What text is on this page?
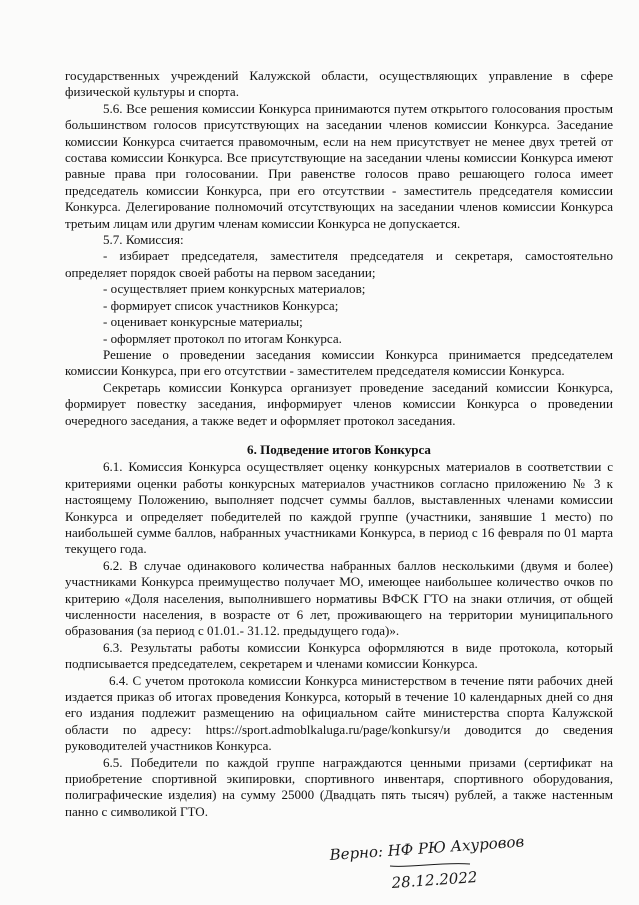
государственных учреждений Калужской области, осуществляющих управление в сфере физической культуры и спорта.

5.6. Все решения комиссии Конкурса принимаются путем открытого голосования простым большинством голосов присутствующих на заседании членов комиссии Конкурса. Заседание комиссии Конкурса считается правомочным, если на нем присутствует не менее двух третей от состава комиссии Конкурса. Все присутствующие на заседании члены комиссии Конкурса имеют равные права при голосовании. При равенстве голосов право решающего голоса имеет председатель комиссии Конкурса, при его отсутствии - заместитель председателя комиссии Конкурса. Делегирование полномочий отсутствующих на заседании членов комиссии Конкурса третьим лицам или другим членам комиссии Конкурса не допускается.

5.7. Комиссия:

- избирает председателя, заместителя председателя и секретаря, самостоятельно определяет порядок своей работы на первом заседании;

- осуществляет прием конкурсных материалов;

- формирует список участников Конкурса;

- оценивает конкурсные материалы;

- оформляет протокол по итогам Конкурса.

Решение о проведении заседания комиссии Конкурса принимается председателем комиссии Конкурса, при его отсутствии - заместителем председателя комиссии Конкурса.

Секретарь комиссии Конкурса организует проведение заседаний комиссии Конкурса, формирует повестку заседания, информирует членов комиссии Конкурса о проведении очередного заседания, а также ведет и оформляет протокол заседания.

6. Подведение итогов Конкурса

6.1. Комиссия Конкурса осуществляет оценку конкурсных материалов в соответствии с критериями оценки работы конкурсных материалов участников согласно приложению № 3 к настоящему Положению, выполняет подсчет суммы баллов, выставленных членами комиссии Конкурса и определяет победителей по каждой группе (участники, занявшие 1 место) по наибольшей сумме баллов, набранных участниками Конкурса, в период с 16 февраля по 01 марта текущего года.

6.2. В случае одинакового количества набранных баллов несколькими (двумя и более) участниками Конкурса преимущество получает МО, имеющее наибольшее количество очков по критерию «Доля населения, выполнившего нормативы ВФСК ГТО на знаки отличия, от общей численности населения, в возрасте от 6 лет, проживающего на территории муниципального образования (за период с 01.01.- 31.12. предыдущего года)».

6.3. Результаты работы комиссии Конкурса оформляются в виде протокола, который подписывается председателем, секретарем и членами комиссии Конкурса.

6.4. С учетом протокола комиссии Конкурса министерством в течение пяти рабочих дней издается приказ об итогах проведения Конкурса, который в течение 10 календарных дней со дня его издания подлежит размещению на официальном сайте министерства спорта Калужской области по адресу: https://sport.admoblkaluga.ru/page/konkursy/и доводится до сведения руководителей участников Конкурса.

6.5. Победители по каждой группе награждаются ценными призами (сертификат на приобретение спортивной экипировки, спортивного инвентаря, спортивного оборудования, полиграфические изделия) на сумму 25000 (Двадцать пять тысяч) рублей, а также настенным панно с символикой ГТО.

Верно: НФ РЮ Ахуровов
28.12.2022
